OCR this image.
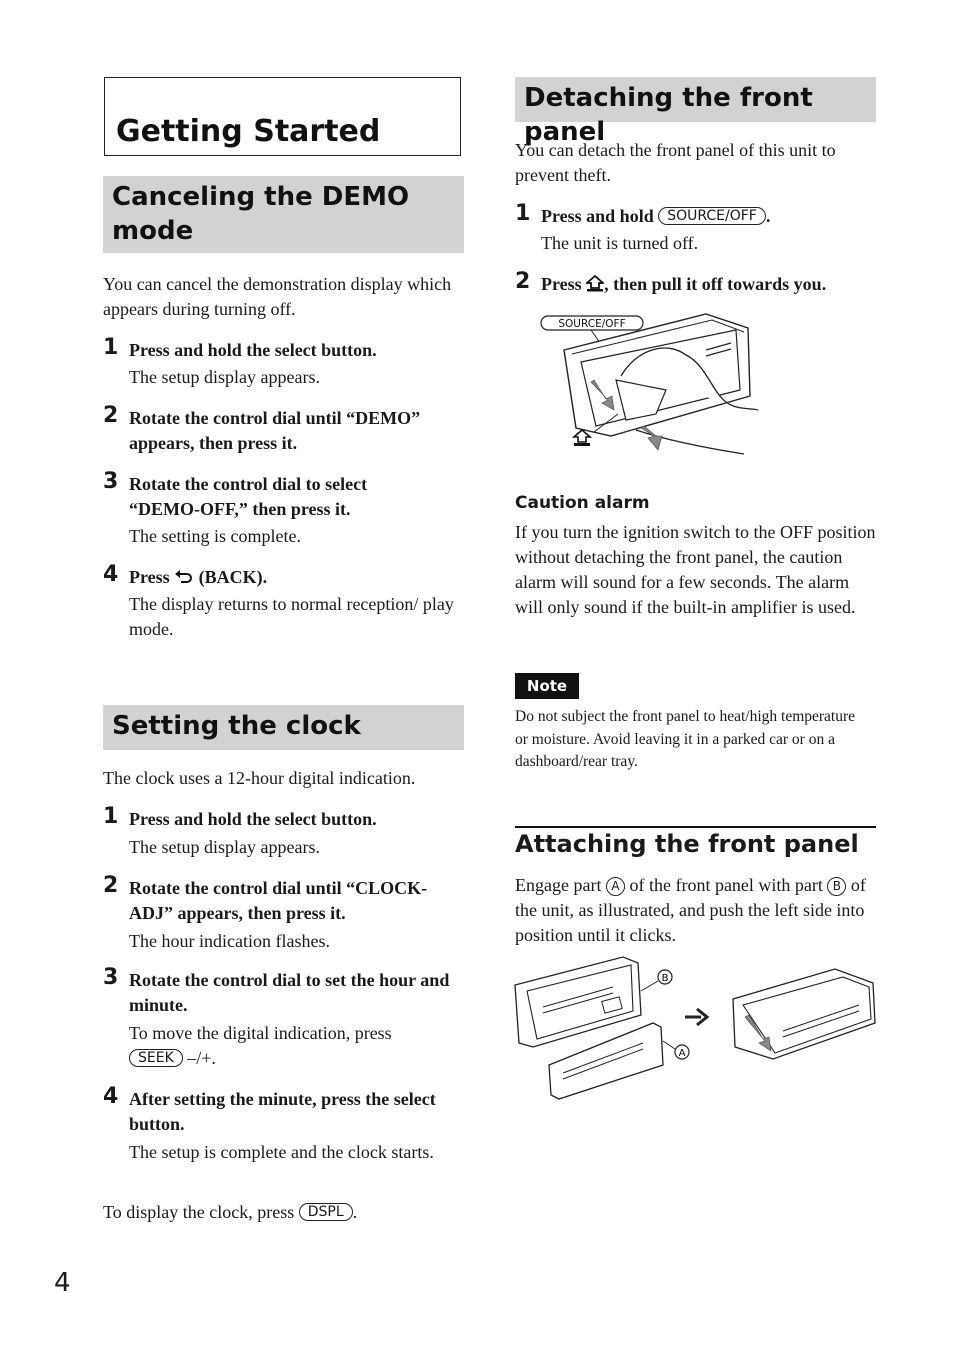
Getting Started
Canceling the DEMO mode

You can cancel the demonstration display which appears during turning off.

1 Press and hold the select button.
The setup display appears.
2 Rotate the control dial until “DEMO” appears, then press it.
3 Rotate the control dial to select “DEMO-OFF,” then press it.
The setting is complete.
4 Press (BACK).
The display returns to normal reception/ play mode.
Setting the clock

The clock uses a 12-hour digital indication.

1 Press and hold the select button.
The setup display appears.
2 Rotate the control dial until “CLOCK-ADJ” appears, then press it.
The hour indication flashes.
3 Rotate the control dial to set the hour and minute.
To move the digital indication, press
SEEK –/+.
4 After setting the minute, press the select button.
The setup is complete and the clock starts.

To display the clock, press DSPL .

Detaching the front panel

You can detach the front panel of this unit to prevent theft.

1 Press and hold SOURCE/OFF .
The unit is turned off.
2 Press , then pull it off towards you.
SOURCE/OFF
Caution alarm

If you turn the ignition switch to the OFF position without detaching the front panel, the caution alarm will sound for a few seconds. The alarm will only sound if the built-in amplifier is used.

Note

Do not subject the front panel to heat/high temperature or moisture. Avoid leaving it in a parked car or on a dashboard/rear tray.

Attaching the front panel

Engage part A of the front panel with part B of the unit, as illustrated, and push the left side into position until it clicks.

B
A
4
